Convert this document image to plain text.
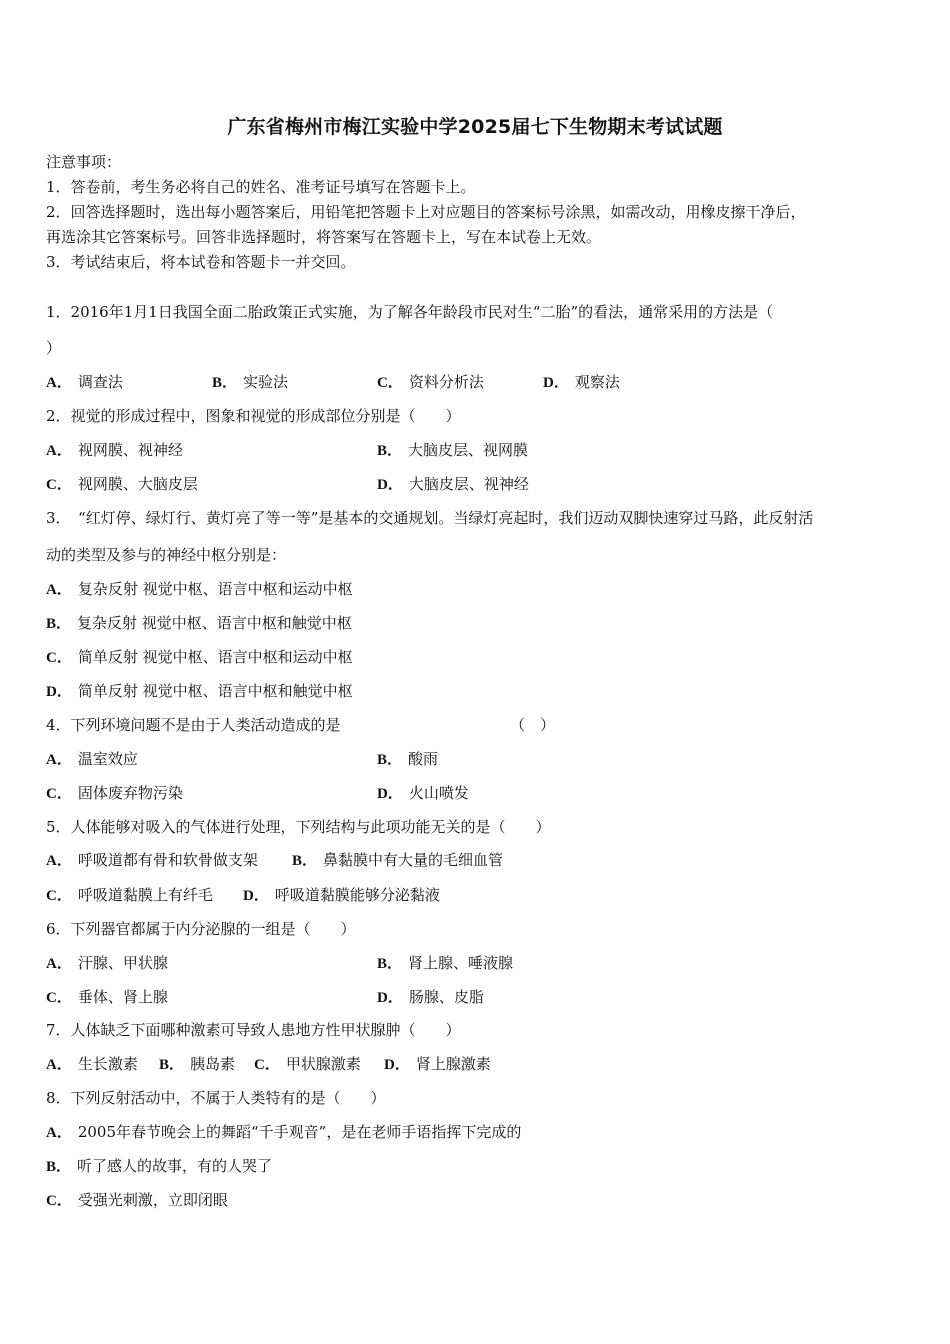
广东省梅州市梅江实验中学2025届七下生物期末考试试题
注意事项：
1．答卷前，考生务必将自己的姓名、准考证号填写在答题卡上。
2．回答选择题时，选出每小题答案后，用铅笔把答题卡上对应题目的答案标号涂黑，如需改动，用橡皮擦干净后，
再选涂其它答案标号。回答非选择题时，将答案写在答题卡上，写在本试卷上无效。
3．考试结束后，将本试卷和答题卡一并交回。
1．2016年1月1日我国全面二胎政策正式实施，为了解各年龄段市民对生“二胎”的看法，通常采用的方法是（
）
A． 调查法	B． 实验法	C． 资料分析法	D． 观察法
2．视觉的形成过程中，图象和视觉的形成部位分别是（　　）
A． 视网膜、视神经	B． 大脑皮层、视网膜
C． 视网膜、大脑皮层	D． 大脑皮层、视神经
3．　“红灯停、绿灯行、黄灯亮了等一等”是基本的交通规划。当绿灯亮起时，我们迈动双脚快速穿过马路，此反射活
动的类型及参与的神经中枢分别是：
A． 复杂反射 视觉中枢、语言中枢和运动中枢
B． 复杂反射 视觉中枢、语言中枢和触觉中枢
C． 简单反射 视觉中枢、语言中枢和运动中枢
D． 简单反射 视觉中枢、语言中枢和触觉中枢
4．下列环境问题不是由于人类活动造成的是	（　）
A． 温室效应	B． 酸雨
C． 固体废弃物污染	D． 火山喷发
5．人体能够对吸入的气体进行处理，下列结构与此项功能无关的是（　　）
A． 呼吸道都有骨和软骨做支架 B． 鼻黏膜中有大量的毛细血管
C． 呼吸道黏膜上有纤毛 D． 呼吸道黏膜能够分泌黏液
6．下列器官都属于内分泌腺的一组是（　　）
A． 汗腺、甲状腺	B． 肾上腺、唾液腺
C． 垂体、肾上腺	D． 肠腺、皮脂
7．人体缺乏下面哪种激素可导致人患地方性甲状腺肿（　　）
A． 生长激素 B． 胰岛素 C． 甲状腺激素 D． 肾上腺激素
8．下列反射活动中，不属于人类特有的是（　　）
A． 2005年春节晚会上的舞蹈“千手观音”，是在老师手语指挥下完成的
B． 听了感人的故事，有的人哭了
C． 受强光刺激，立即闭眼
